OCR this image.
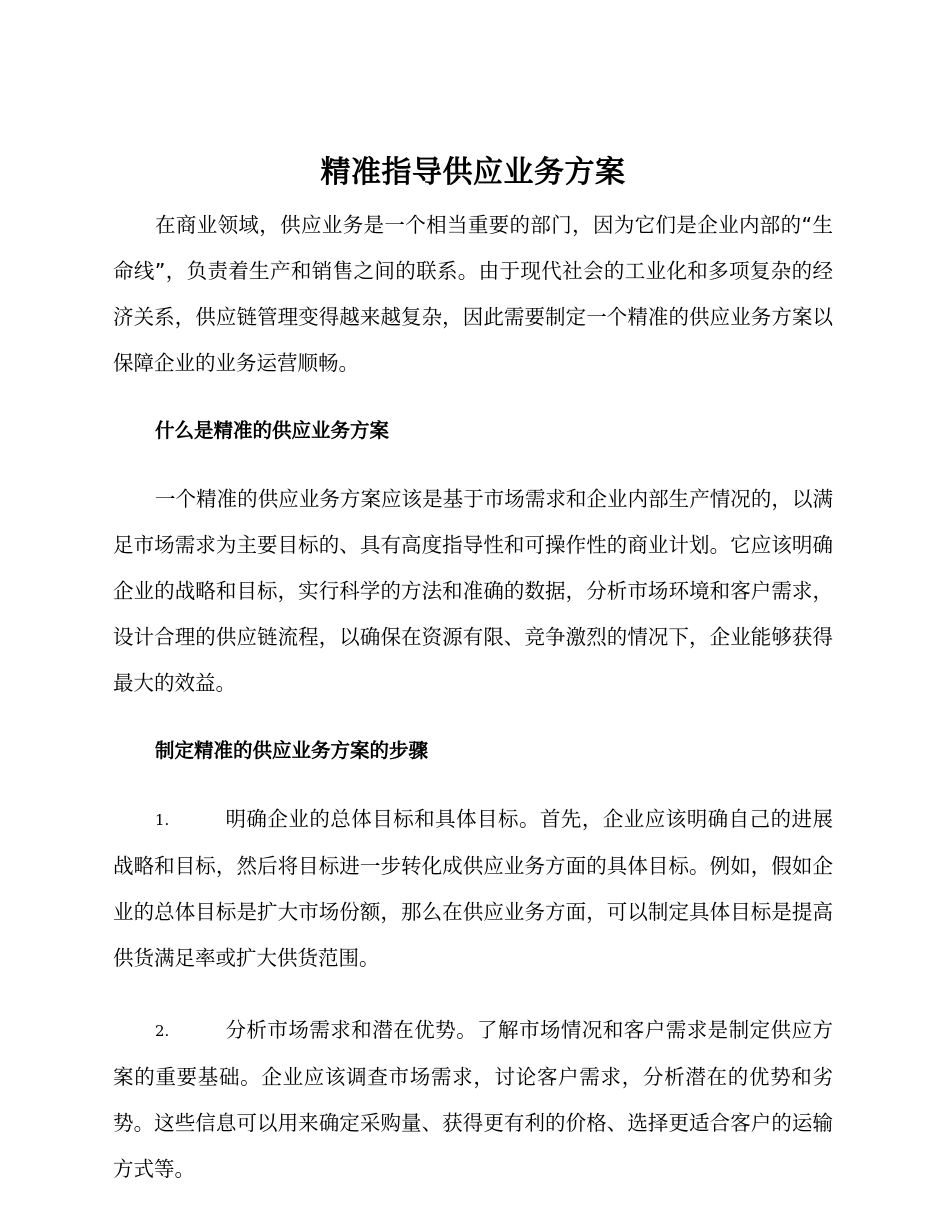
精准指导供应业务方案

在商业领域，供应业务是一个相当重要的部门，因为它们是企业内部的“生命线”，负责着生产和销售之间的联系。由于现代社会的工业化和多项复杂的经济关系，供应链管理变得越来越复杂，因此需要制定一个精准的供应业务方案以保障企业的业务运营顺畅。

什么是精准的供应业务方案

一个精准的供应业务方案应该是基于市场需求和企业内部生产情况的，以满足市场需求为主要目标的、具有高度指导性和可操作性的商业计划。它应该明确企业的战略和目标，实行科学的方法和准确的数据，分析市场环境和客户需求，设计合理的供应链流程，以确保在资源有限、竞争激烈的情况下，企业能够获得最大的效益。

制定精准的供应业务方案的步骤

1.	明确企业的总体目标和具体目标。首先，企业应该明确自己的进展战略和目标，然后将目标进一步转化成供应业务方面的具体目标。例如，假如企业的总体目标是扩大市场份额，那么在供应业务方面，可以制定具体目标是提高供货满足率或扩大供货范围。

2.	分析市场需求和潜在优势。了解市场情况和客户需求是制定供应方案的重要基础。企业应该调查市场需求，讨论客户需求，分析潜在的优势和劣势。这些信息可以用来确定采购量、获得更有利的价格、选择更适合客户的运输方式等。
